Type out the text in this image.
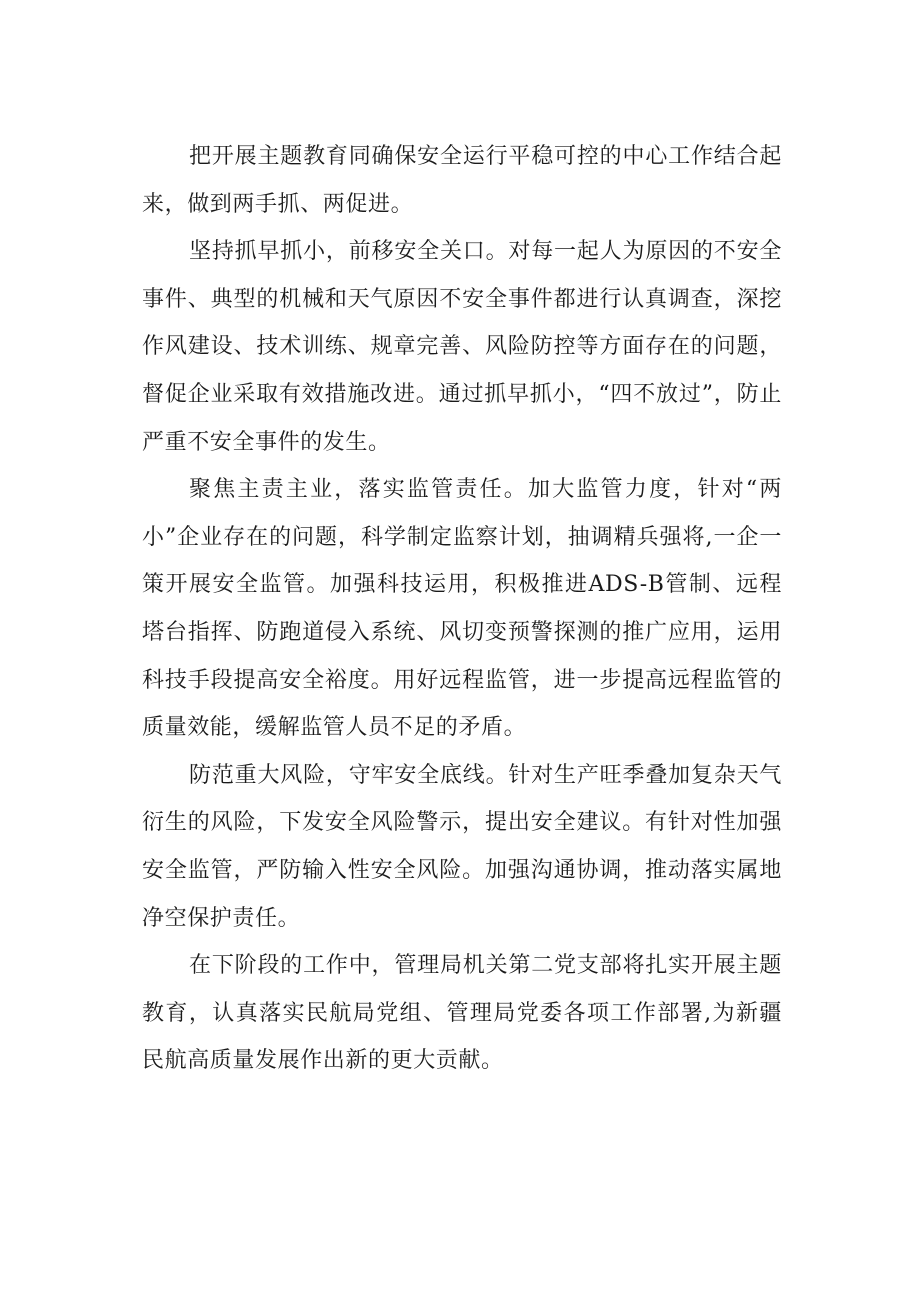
把开展主题教育同确保安全运行平稳可控的中心工作结合起来，做到两手抓、两促进。

坚持抓早抓小，前移安全关口。对每一起人为原因的不安全事件、典型的机械和天气原因不安全事件都进行认真调查，深挖作风建设、技术训练、规章完善、风险防控等方面存在的问题，督促企业采取有效措施改进。通过抓早抓小，“四不放过”，防止严重不安全事件的发生。

聚焦主责主业，落实监管责任。加大监管力度，针对“两小”企业存在的问题，科学制定监察计划，抽调精兵强将,一企一策开展安全监管。加强科技运用，积极推进ADS-B管制、远程塔台指挥、防跑道侵入系统、风切变预警探测的推广应用，运用科技手段提高安全裕度。用好远程监管，进一步提高远程监管的质量效能，缓解监管人员不足的矛盾。

防范重大风险，守牢安全底线。针对生产旺季叠加复杂天气衍生的风险，下发安全风险警示，提出安全建议。有针对性加强安全监管，严防输入性安全风险。加强沟通协调，推动落实属地净空保护责任。

在下阶段的工作中，管理局机关第二党支部将扎实开展主题教育，认真落实民航局党组、管理局党委各项工作部署,为新疆民航高质量发展作出新的更大贡献。
